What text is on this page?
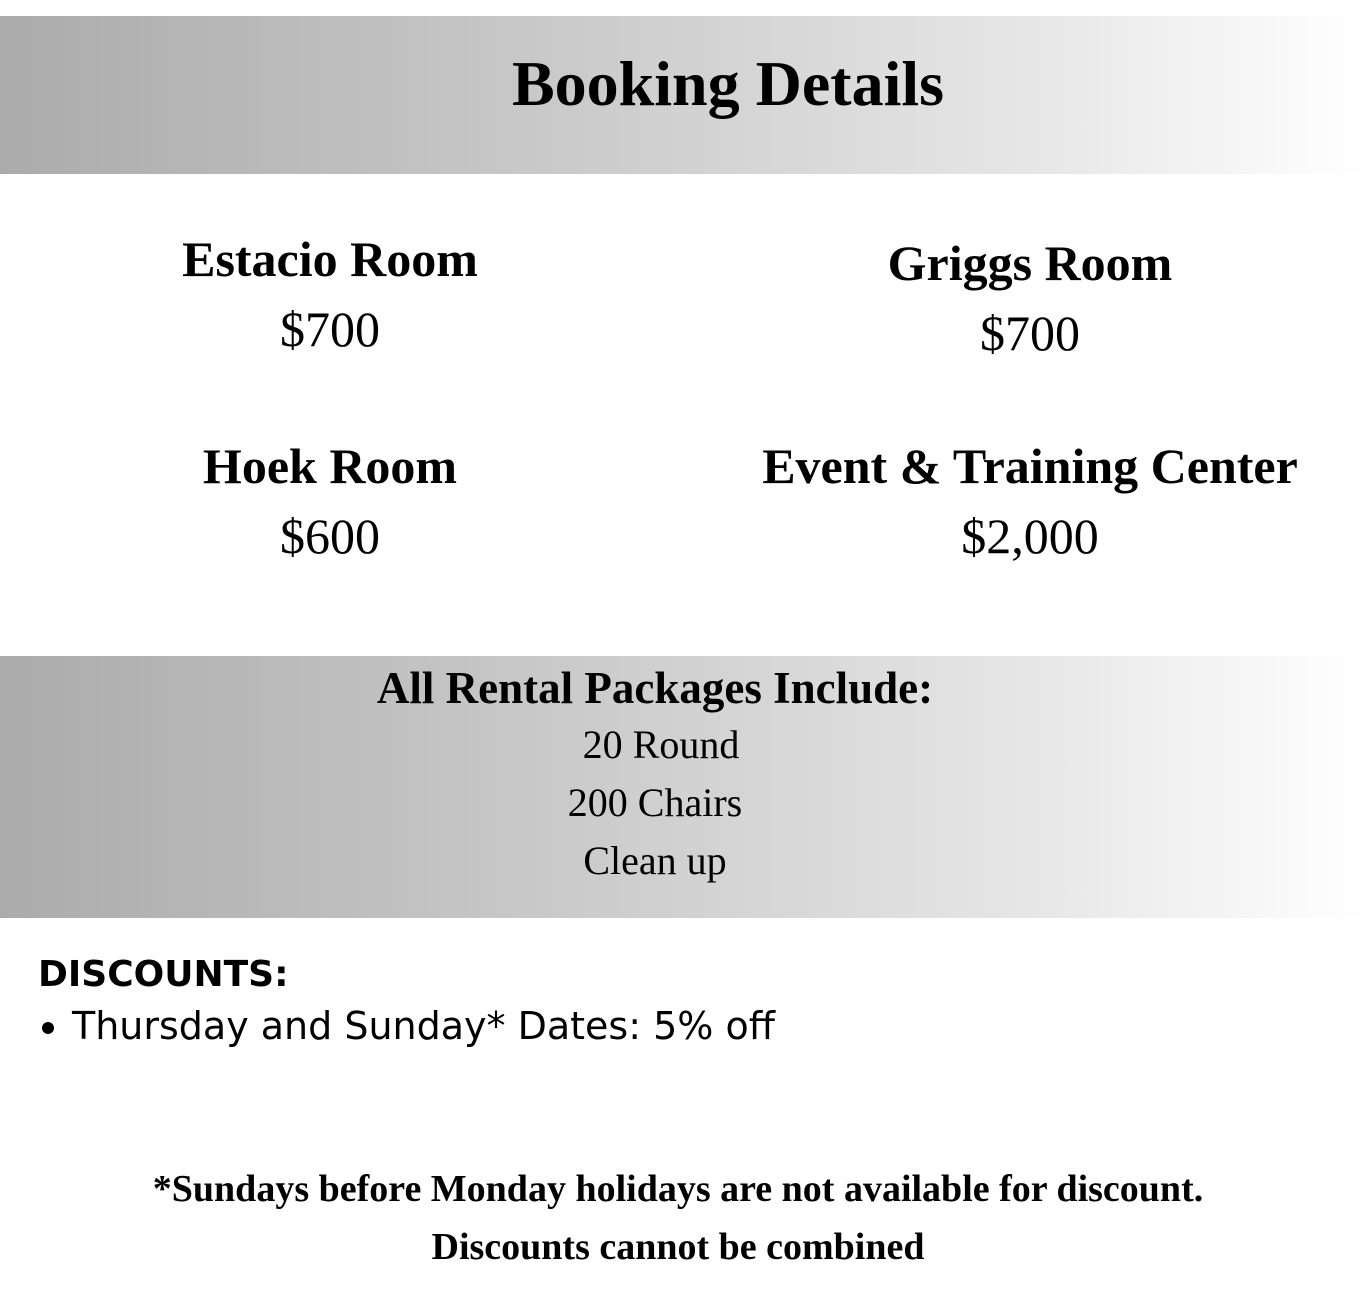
Booking Details
Estacio Room
$700
Griggs Room
$700
Hoek Room
$600
Event & Training Center
$2,000
All Rental Packages Include:
20 Round
200 Chairs
Clean up
DISCOUNTS:
• Thursday and Sunday* Dates: 5% off
*Sundays before Monday holidays are not available for discount.
Discounts cannot be combined
